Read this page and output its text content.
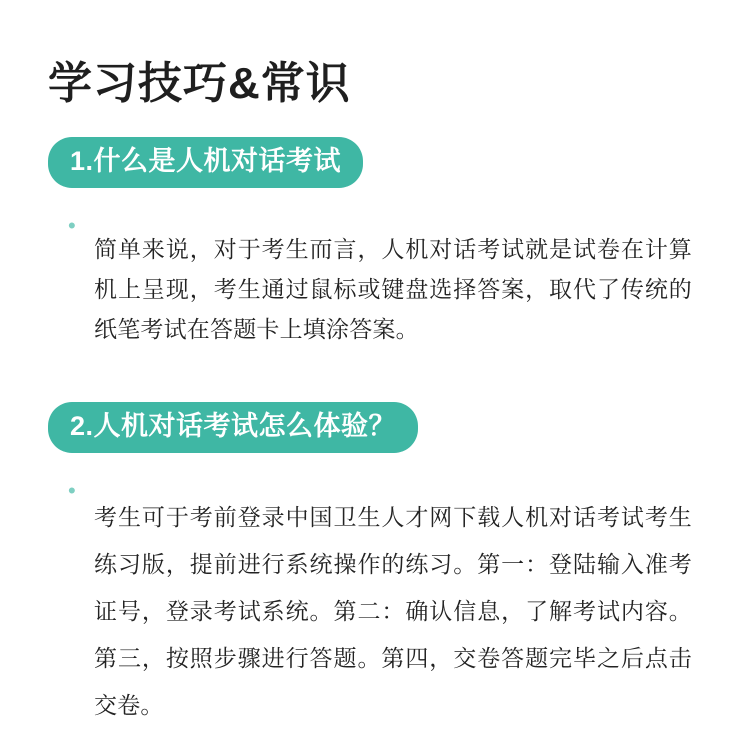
学习技巧&常识
1.什么是人机对话考试
•

简单来说，对于考生而言，人机对话考试就是试卷在计算机上呈现，考生通过鼠标或键盘选择答案，取代了传统的纸笔考试在答题卡上填涂答案。

2.人机对话考试怎么体验？
•

考生可于考前登录中国卫生人才网下载人机对话考试考生练习版，提前进行系统操作的练习。第一：登陆输入准考证号，登录考试系统。第二：确认信息，了解考试内容。第三，按照步骤进行答题。第四，交卷答题完毕之后点击交卷。
